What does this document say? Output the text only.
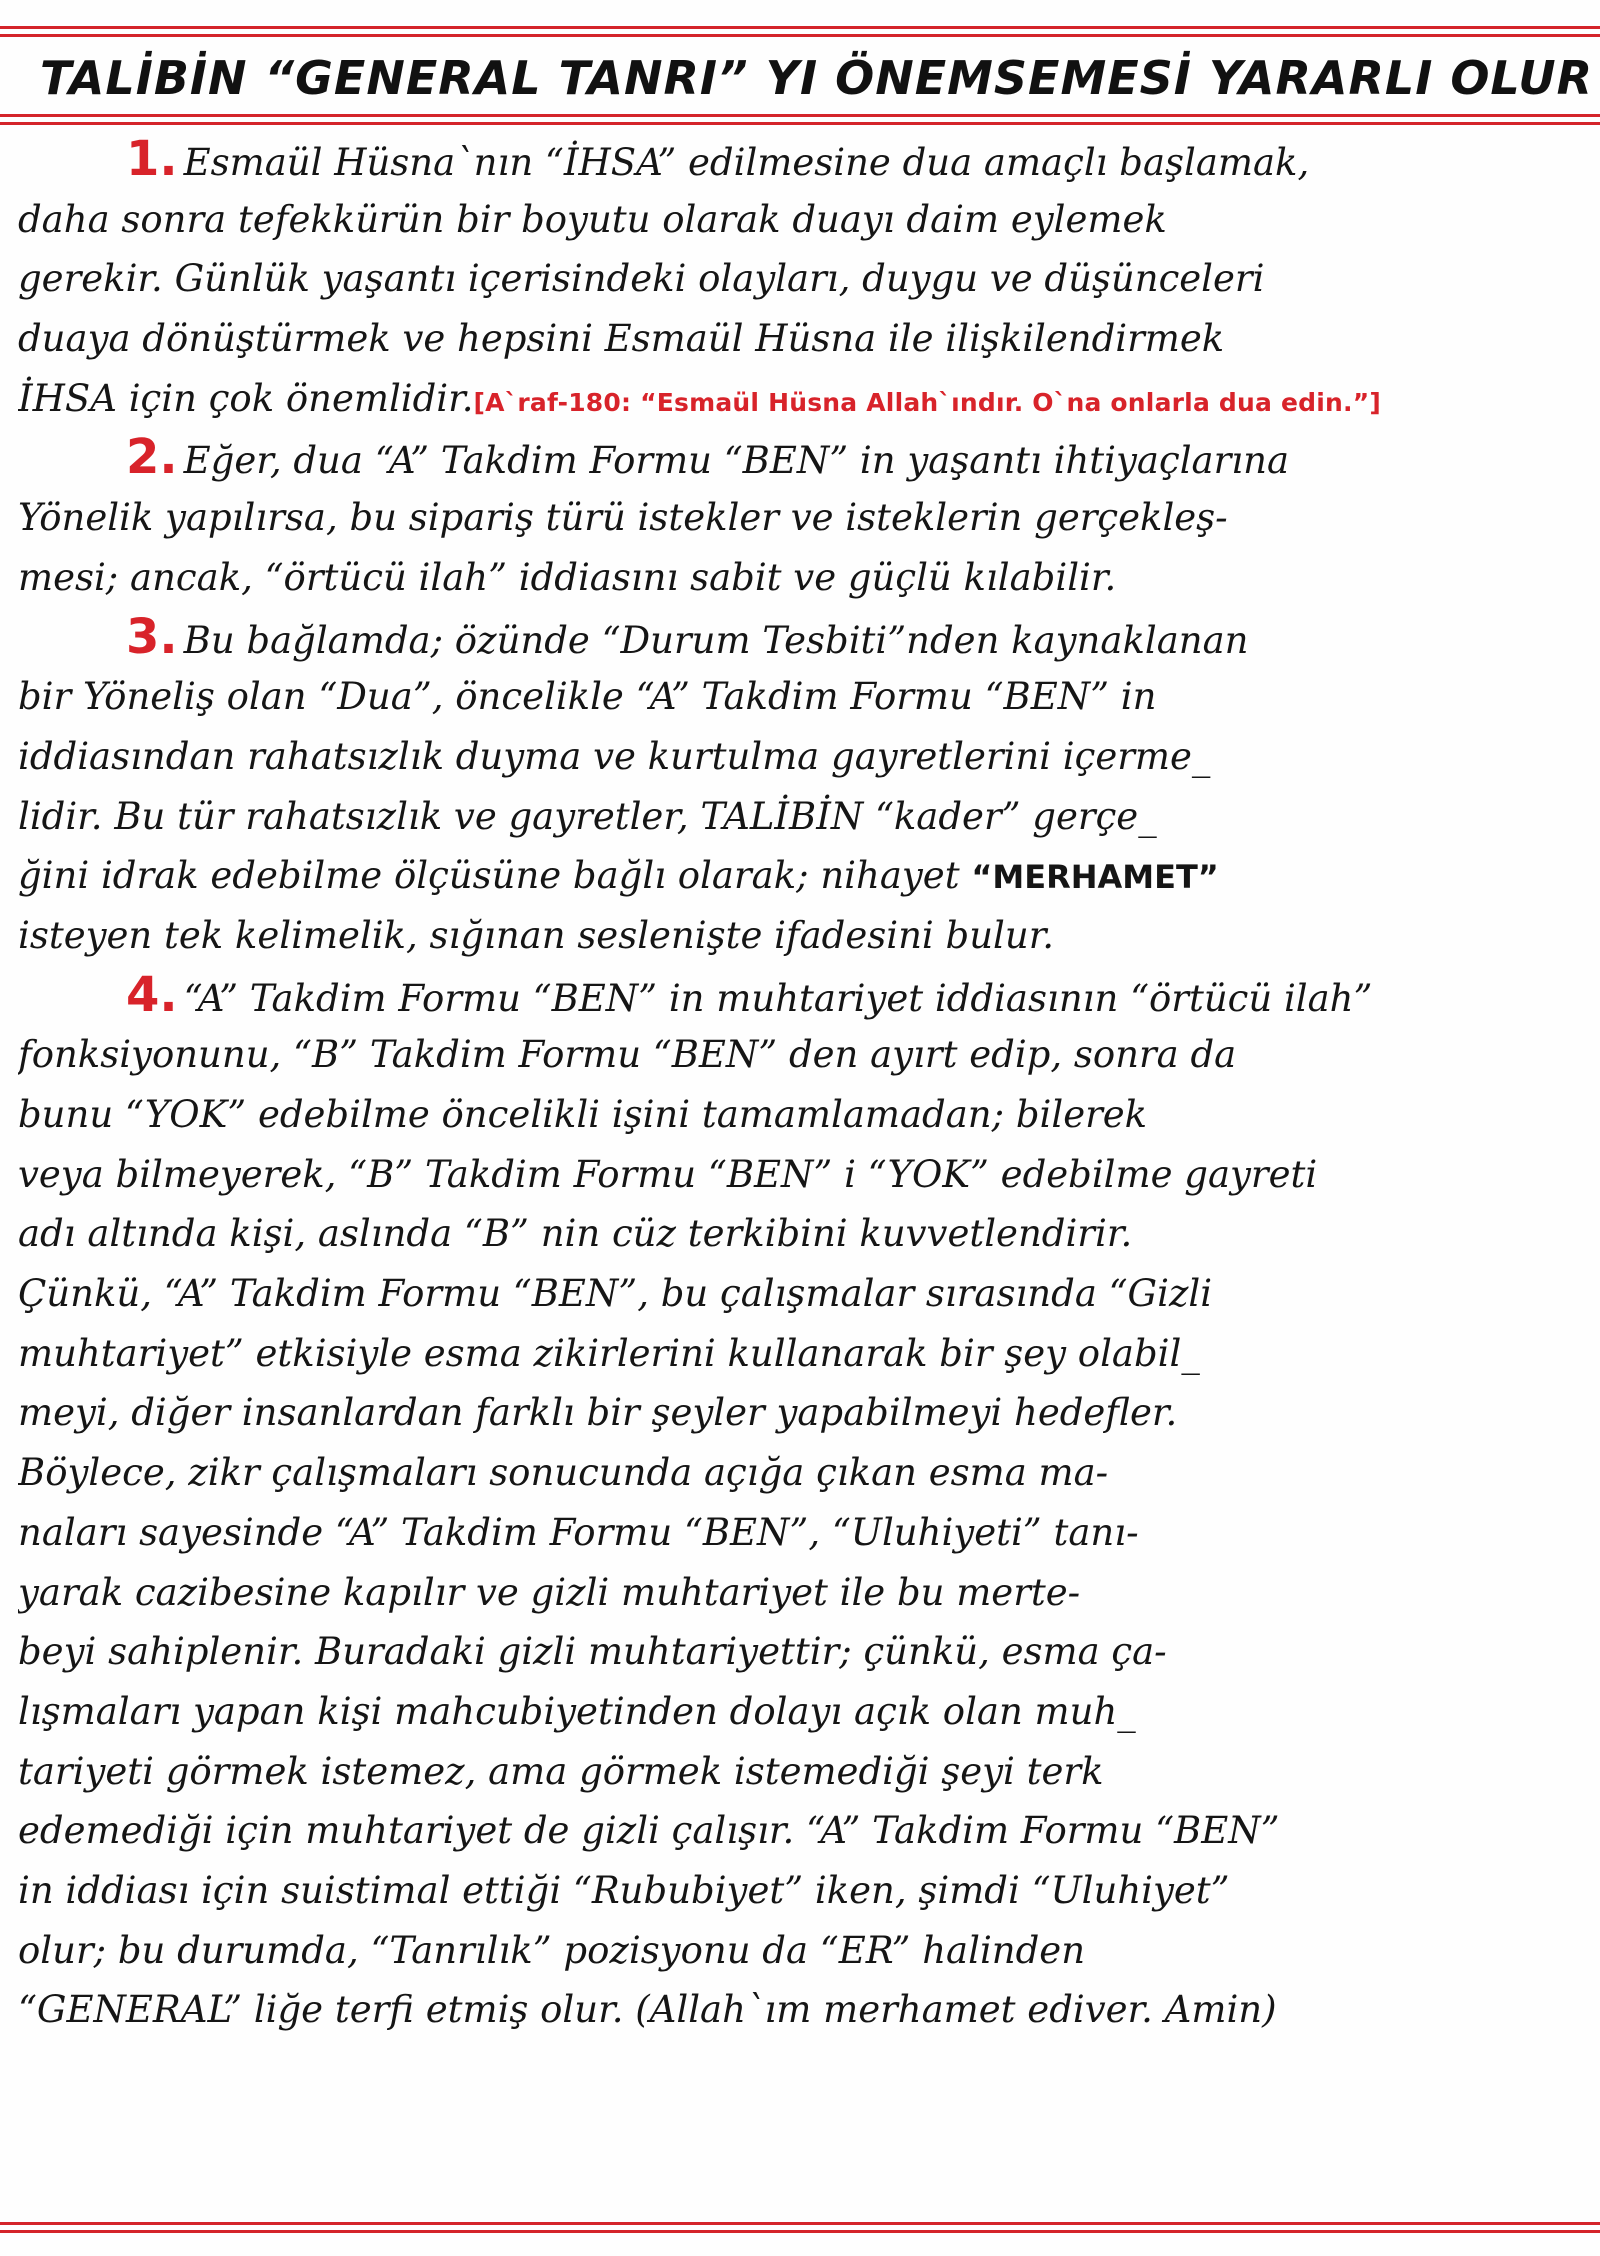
TALİBİN “GENERAL TANRI” YI ÖNEMSEMESİ YARARLI OLUR
1. Esmaül Hüsna`nın “İHSA” edilmesine dua amaçlı başlamak,
daha sonra tefekkürün bir boyutu olarak duayı daim eylemek
gerekir. Günlük yaşantı içerisindeki olayları, duygu ve düşünceleri
duaya dönüştürmek ve hepsini Esmaül Hüsna ile ilişkilendirmek
İHSA için çok önemlidir.[A`raf-180: “Esmaül Hüsna Allah`ındır. O`na onlarla dua edin.”]
2. Eğer, dua “A” Takdim Formu “BEN” in yaşantı ihtiyaçlarına
Yönelik yapılırsa, bu sipariş türü istekler ve isteklerin gerçekleş-
mesi; ancak, “örtücü ilah” iddiasını sabit ve güçlü kılabilir.
3. Bu bağlamda; özünde “Durum Tesbiti”nden kaynaklanan
bir Yöneliş olan “Dua”, öncelikle “A” Takdim Formu “BEN” in
iddiasından rahatsızlık duyma ve kurtulma gayretlerini içerme_
lidir. Bu tür rahatsızlık ve gayretler, TALİBİN “kader” gerçe_
ğini idrak edebilme ölçüsüne bağlı olarak; nihayet “MERHAMET”
isteyen tek kelimelik, sığınan seslenişte ifadesini bulur.
4. “A” Takdim Formu “BEN” in muhtariyet iddiasının “örtücü ilah”
fonksiyonunu, “B” Takdim Formu “BEN” den ayırt edip, sonra da
bunu “YOK” edebilme öncelikli işini tamamlamadan; bilerek
veya bilmeyerek, “B” Takdim Formu “BEN” i “YOK” edebilme gayreti
adı altında kişi, aslında “B” nin cüz terkibini kuvvetlendirir.
Çünkü, “A” Takdim Formu “BEN”, bu çalışmalar sırasında “Gizli
muhtariyet” etkisiyle esma zikirlerini kullanarak bir şey olabil_
meyi, diğer insanlardan farklı bir şeyler yapabilmeyi hedefler.
Böylece, zikr çalışmaları sonucunda açığa çıkan esma ma-
naları sayesinde “A” Takdim Formu “BEN”, “Uluhiyeti” tanı-
yarak cazibesine kapılır ve gizli muhtariyet ile bu merte-
beyi sahiplenir. Buradaki gizli muhtariyettir; çünkü, esma ça-
lışmaları yapan kişi mahcubiyetinden dolayı açık olan muh_
tariyeti görmek istemez, ama görmek istemediği şeyi terk
edemediği için muhtariyet de gizli çalışır. “A” Takdim Formu “BEN”
in iddiası için suistimal ettiği “Rububiyet” iken, şimdi “Uluhiyet”
olur; bu durumda, “Tanrılık” pozisyonu da “ER” halinden
“GENERAL” liğe terfi etmiş olur. (Allah`ım merhamet ediver. Amin)
